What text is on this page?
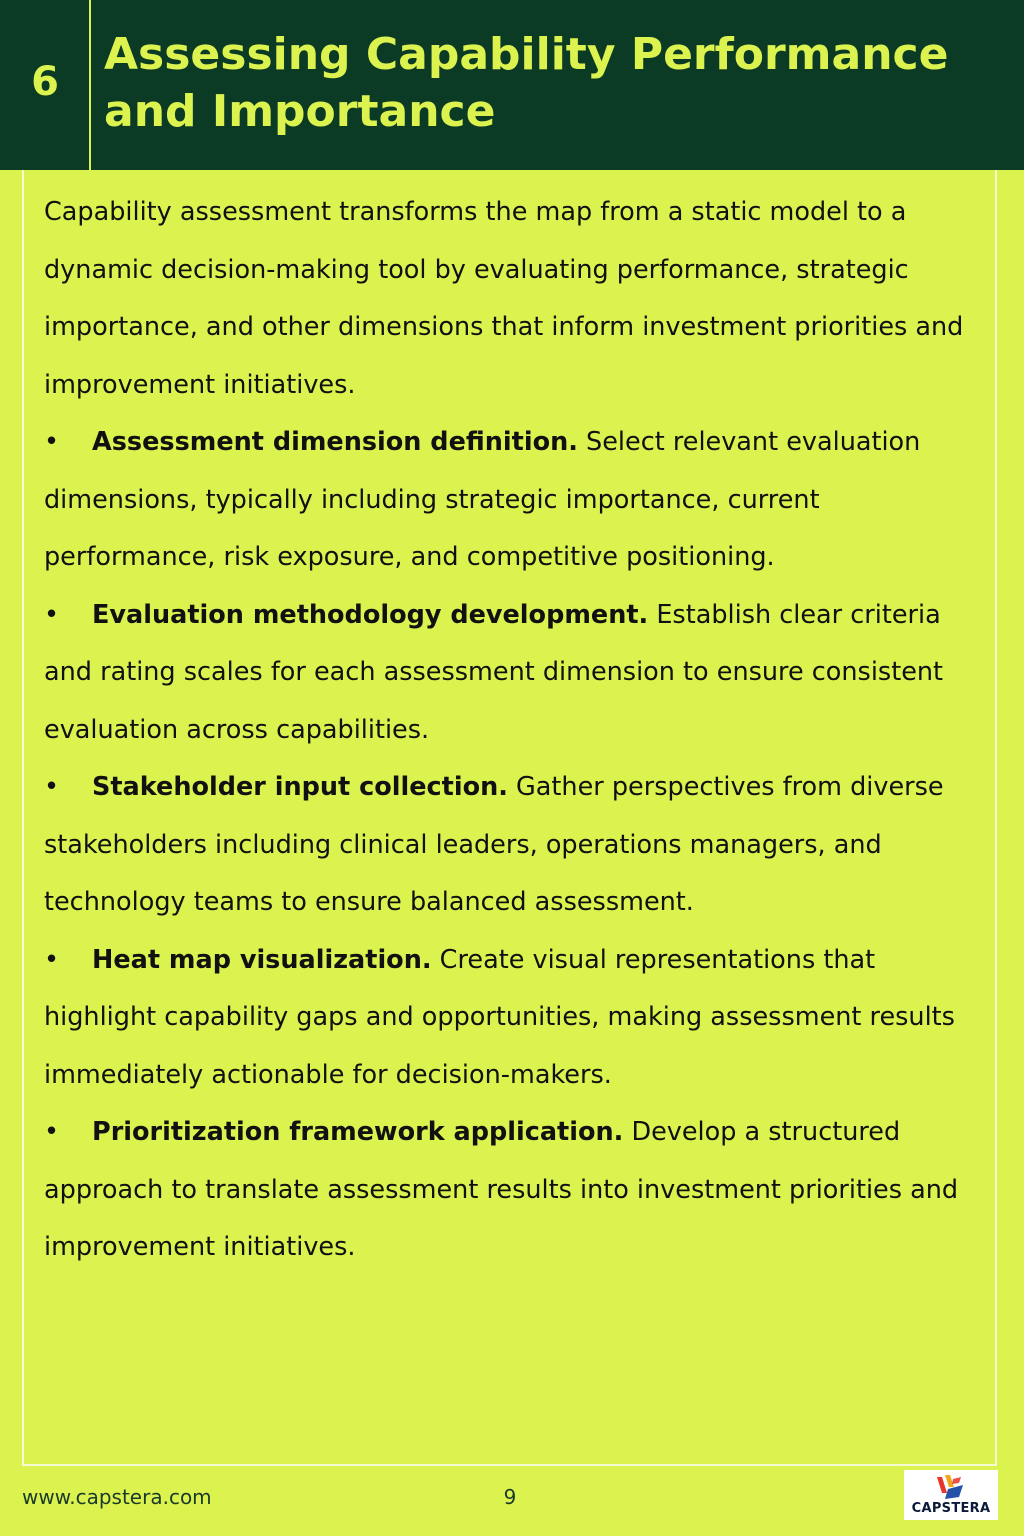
6
Assessing Capability Performance and Importance

Capability assessment transforms the map from a static model to a dynamic decision-making tool by evaluating performance, strategic importance, and other dimensions that inform investment priorities and improvement initiatives.

• Assessment dimension definition. Select relevant evaluation dimensions, typically including strategic importance, current performance, risk exposure, and competitive positioning.

• Evaluation methodology development. Establish clear criteria and rating scales for each assessment dimension to ensure consistent evaluation across capabilities.

• Stakeholder input collection. Gather perspectives from diverse stakeholders including clinical leaders, operations managers, and technology teams to ensure balanced assessment.

• Heat map visualization. Create visual representations that highlight capability gaps and opportunities, making assessment results immediately actionable for decision-makers.

• Prioritization framework application. Develop a structured approach to translate assessment results into investment priorities and improvement initiatives.

www.capstera.com	9	CAPSTERA
